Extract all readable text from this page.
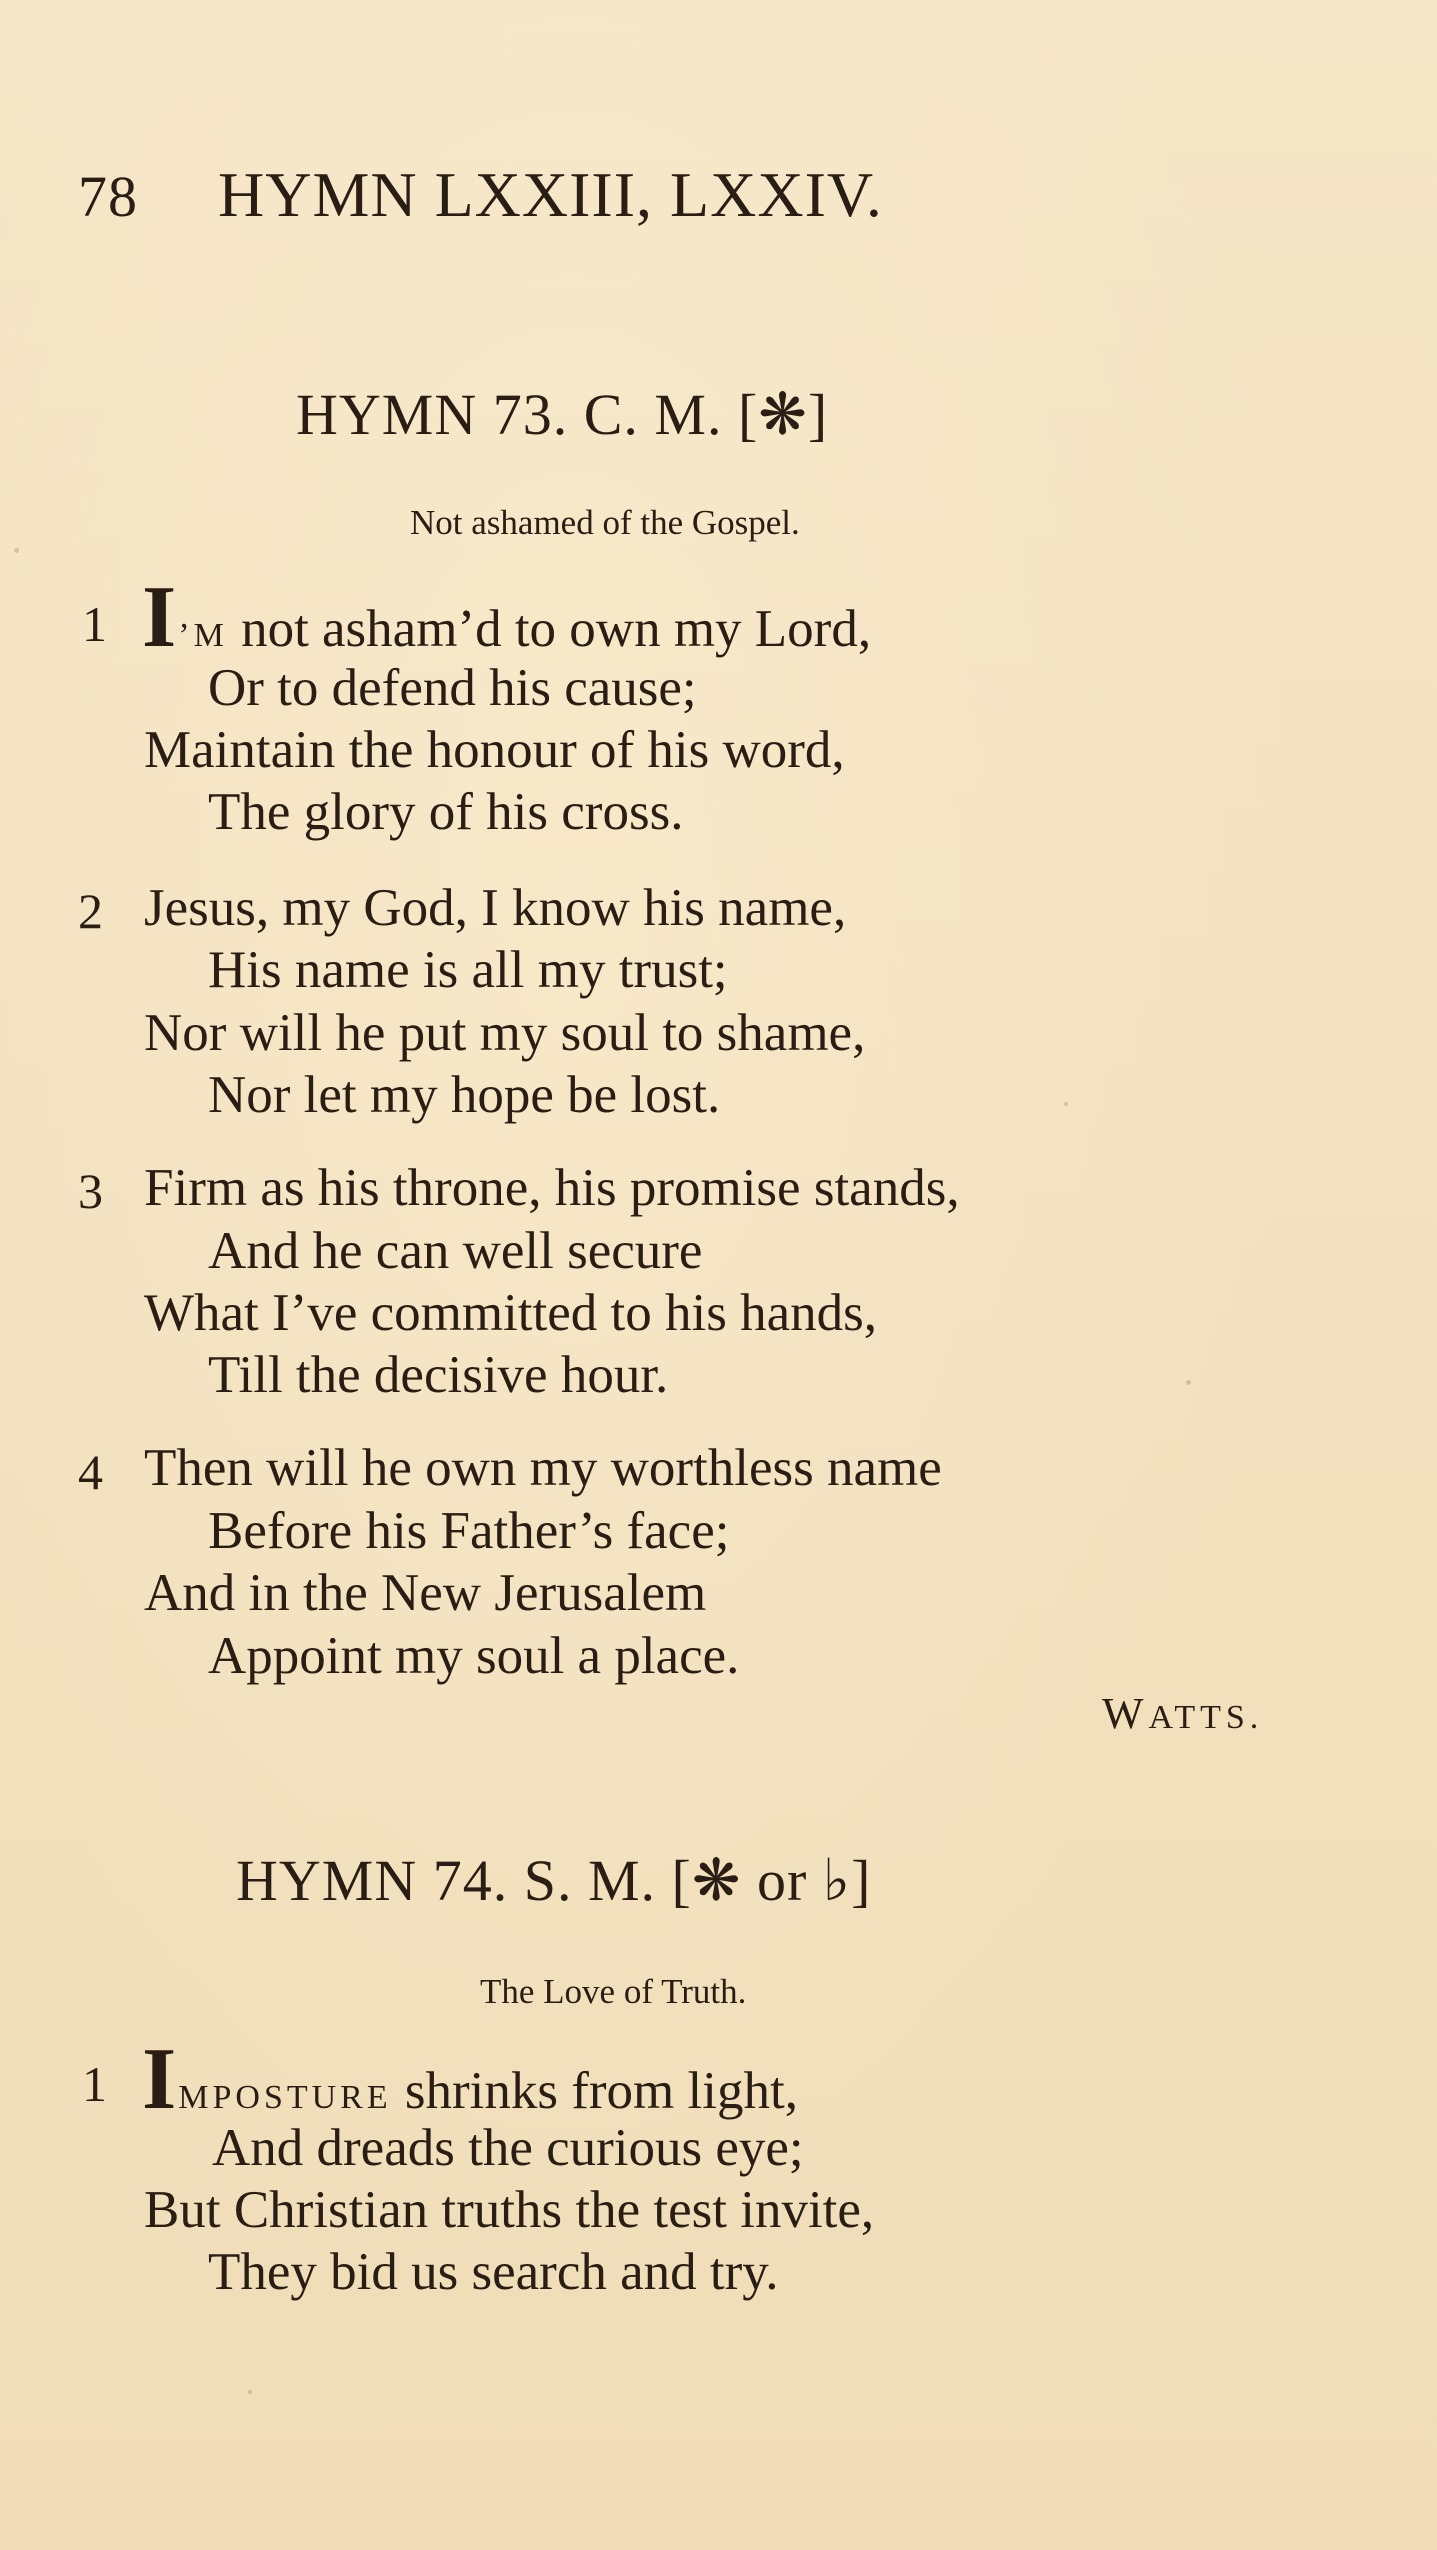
78 HYMN LXXIII, LXXIV.
HYMN 73. C. M. [❋]
Not ashamed of the Gospel.
1 I’M not asham’d to own my Lord,
Or to defend his cause;
Maintain the honour of his word,
The glory of his cross.
2 Jesus, my God, I know his name,
His name is all my trust;
Nor will he put my soul to shame,
Nor let my hope be lost.
3 Firm as his throne, his promise stands,
And he can well secure
What I’ve committed to his hands,
Till the decisive hour.
4 Then will he own my worthless name
Before his Father’s face;
And in the New Jerusalem
Appoint my soul a place.
WATTS.
HYMN 74. S. M. [❋ or ♭]
The Love of Truth.
1 IMPOSTURE shrinks from light,
And dreads the curious eye;
But Christian truths the test invite,
They bid us search and try.
